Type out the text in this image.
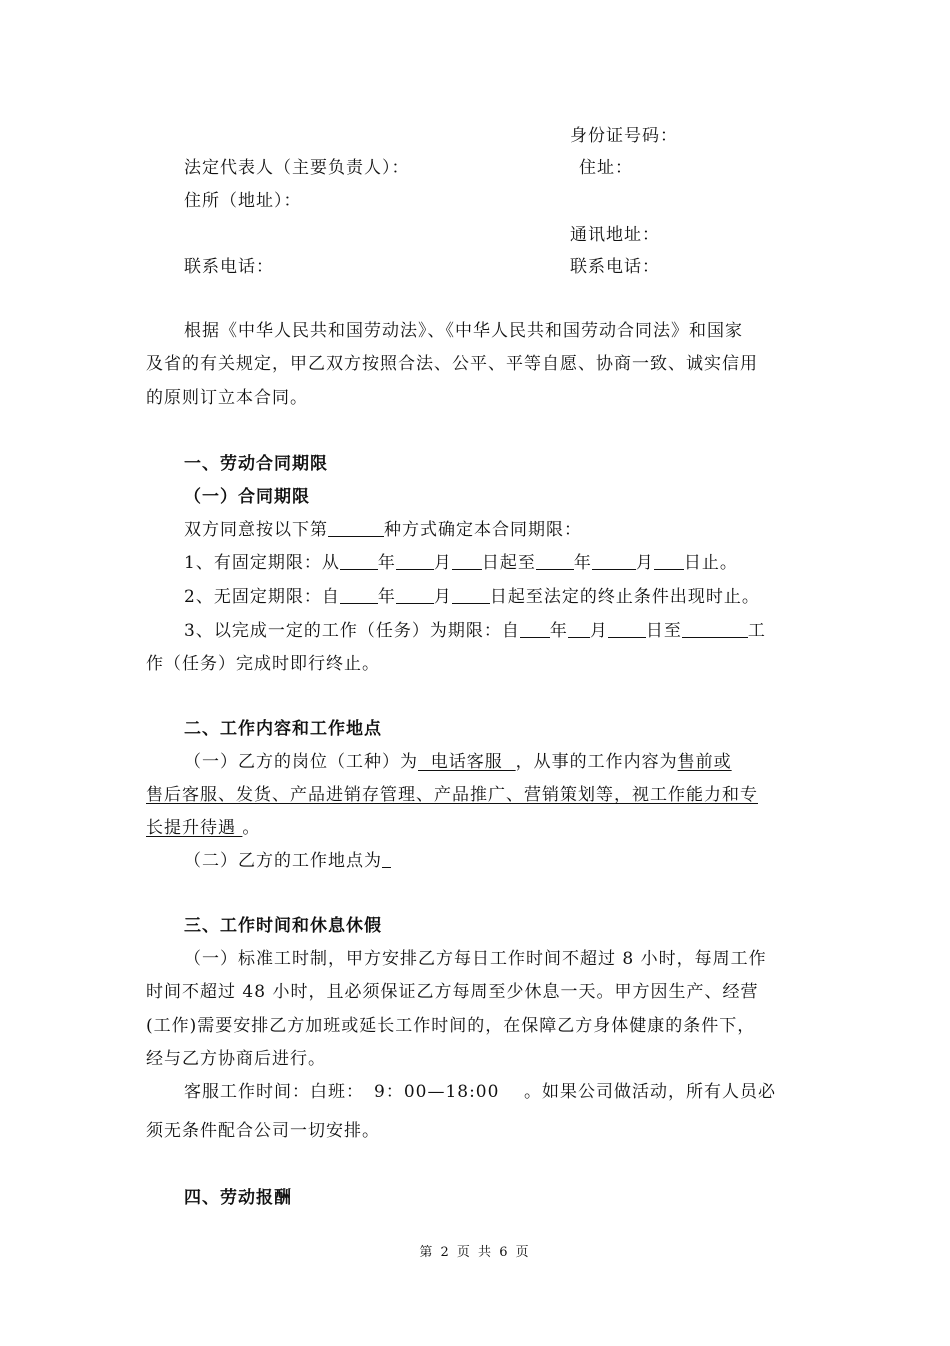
身份证号码：
法定代表人（主要负责人）：	住址：
住所（地址）：
通讯地址：
联系电话：	联系电话：
根据《中华人民共和国劳动法》、《中华人民共和国劳动合同法》和国家
及省的有关规定，甲乙双方按照合法、公平、平等自愿、协商一致、诚实信用
的原则订立本合同。
一、劳动合同期限
（一）合同期限
双方同意按以下第	种方式确定本合同期限：
1、有固定期限：从 年 月 日起至 年	月 日止。
2、无固定期限：自 年 月 日起至法定的终止条件出现时止。
3、以完成一定的工作（任务）为期限：自 年 月 日至	工
作（任务）完成时即行终止。
二、工作内容和工作地点
（一）乙方的岗位（工种）为  电话客服  ，从事的工作内容为售前或
售后客服、发货、产品进销存管理、产品推广、营销策划等，视工作能力和专
长提升待遇 。
（二）乙方的工作地点为
三、工作时间和休息休假
（一）标准工时制，甲方安排乙方每日工作时间不超过 8 小时，每周工作
时间不超过 48 小时，且必须保证乙方每周至少休息一天。甲方因生产、经营
(工作)需要安排乙方加班或延长工作时间的，在保障乙方身体健康的条件下，
经与乙方协商后进行。
客服工作时间：白班： 9：00—18:00 。如果公司做活动，所有人员必
须无条件配合公司一切安排。
四、劳动报酬
第 2 页 共 6 页
